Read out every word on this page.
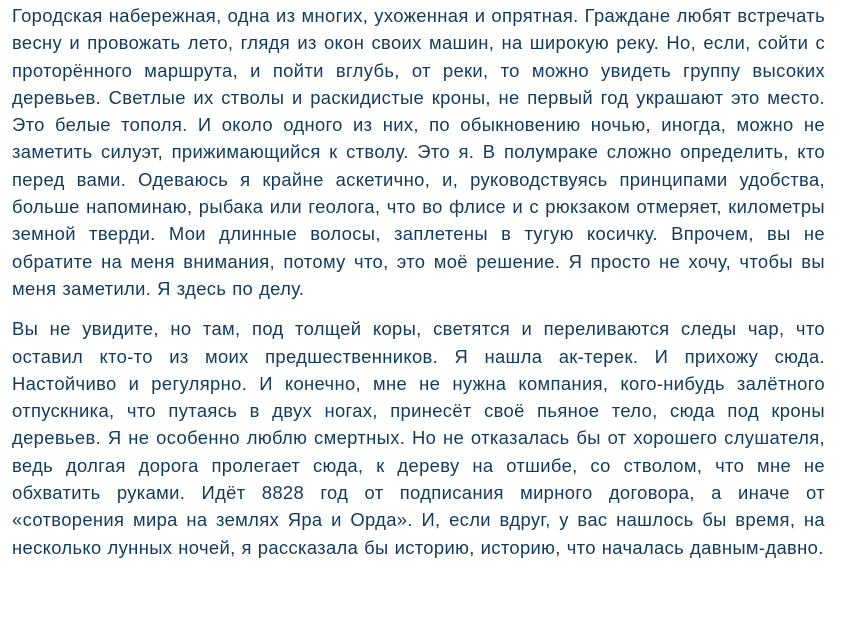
Городская набережная, одна из многих, ухоженная и опрятная. Граждане любят встречать весну и провожать лето, глядя из окон своих машин, на широкую реку. Но, если, сойти с проторённого маршрута, и пойти вглубь, от реки, то можно увидеть группу высоких деревьев. Светлые их стволы и раскидистые кроны, не первый год украшают это место. Это белые тополя. И около одного из них, по обыкновению ночью, иногда, можно не заметить силуэт, прижимающийся к стволу. Это я. В полумраке сложно определить, кто перед вами. Одеваюсь я крайне аскетично, и, руководствуясь принципами удобства, больше напоминаю, рыбака или геолога, что во флисе и с рюкзаком отмеряет, километры земной тверди. Мои длинные волосы, заплетены в тугую косичку. Впрочем, вы не обратите на меня внимания, потому что, это моё решение. Я просто не хочу, чтобы вы меня заметили. Я здесь по делу.

Вы не увидите, но там, под толщей коры, светятся и переливаются следы чар, что оставил кто-то из моих предшественников. Я нашла ак-терек. И прихожу сюда. Настойчиво и регулярно. И конечно, мне не нужна компания, кого-нибудь залётного отпускника, что путаясь в двух ногах, принесёт своё пьяное тело, сюда под кроны деревьев. Я не особенно люблю смертных. Но не отказалась бы от хорошего слушателя, ведь долгая дорога пролегает сюда, к дереву на отшибе, со стволом, что мне не обхватить руками. Идёт 8828 год от подписания мирного договора, а иначе от «сотворения мира на землях Яра и Орда». И, если вдруг, у вас нашлось бы время, на несколько лунных ночей, я рассказала бы историю, историю, что началась давным-давно.
